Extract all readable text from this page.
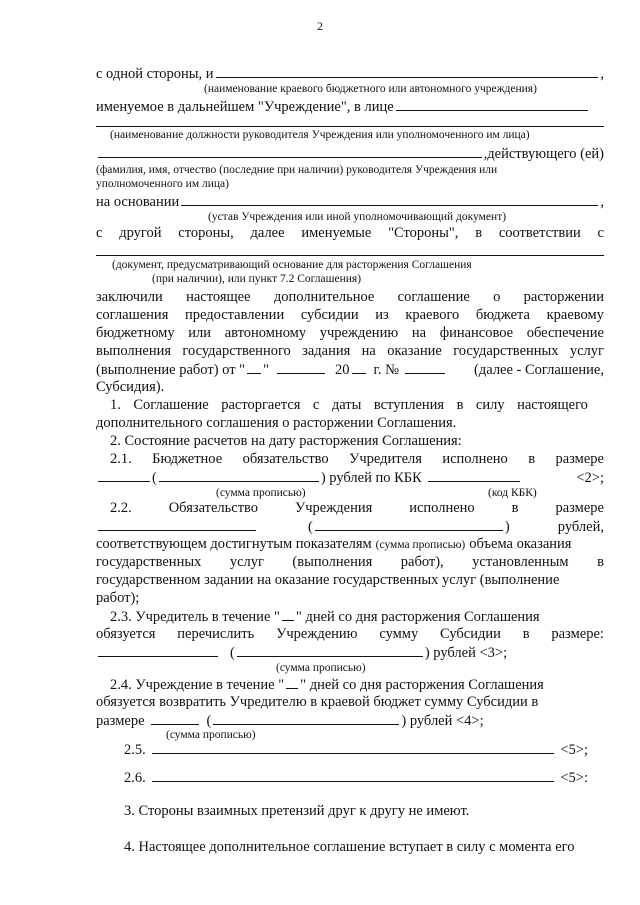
2
с одной стороны, и	,
(наименование краевого бюджетного или автономного учреждения)
именуемое в дальнейшем "Учреждение", в лице
(наименование должности руководителя Учреждения или уполномоченного им лица)
,действующего (ей)
(фамилия, имя, отчество (последние при наличии) руководителя Учреждения или
уполномоченного им лица)
на основании	,
(устав Учреждения или иной уполномочивающий документ)
с другой стороны, далее именуемые "Стороны", в соответствии с
(документ, предусматривающий основание для расторжения Соглашения
(при наличии), или пункт 7.2 Соглашения)
заключили настоящее дополнительное соглашение о расторжении
соглашения предоставлении субсидии из краевого бюджета краевому
бюджетному или автономному учреждению на финансовое обеспечение
выполнения государственного задания на оказание государственных услуг
(выполнение работ) от " "	20 г. №	(далее - Соглашение,
Субсидия).
1. Соглашение расторгается с даты вступления в силу настоящего
дополнительного соглашения о расторжении Соглашения.
2. Состояние расчетов на дату расторжения Соглашения:
2.1. Бюджетное обязательство Учредителя исполнено в размере
(	) рублей по КБК	<2>;
(сумма прописью)	(код КБК)
2.2.	Обязательство	Учреждения	исполнено	в	размере
(	)	рублей,
соответствующем достигнутым показателям (сумма прописью) объема оказания
государственных услуг (выполнения работ), установленным в
государственном задании на оказание государственных услуг (выполнение
работ);
2.3. Учредитель в течение " " дней со дня расторжения Соглашения
обязуется перечислить Учреждению сумму Субсидии в размере:
(	) рублей <3>;
(сумма прописью)
2.4. Учреждение в течение " " дней со дня расторжения Соглашения
обязуется возвратить Учредителю в краевой бюджет сумму Субсидии в
размере	(	) рублей <4>;
(сумма прописью)
2.5.	<5>;
2.6.	<5>:
3. Стороны взаимных претензий друг к другу не имеют.
4. Настоящее дополнительное соглашение вступает в силу с момента его
